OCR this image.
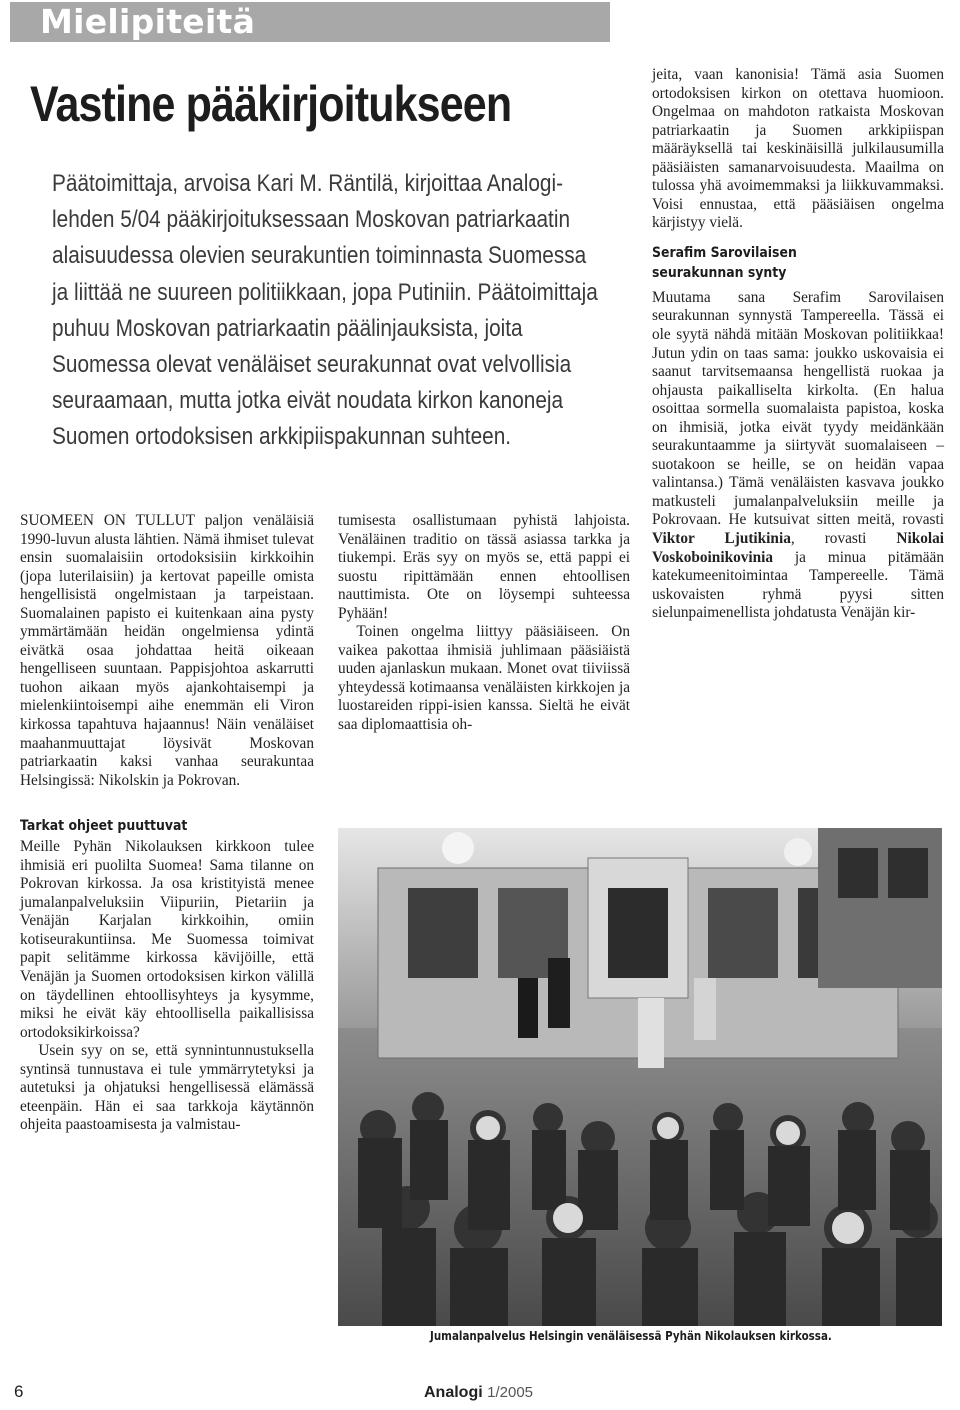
Mielipiteitä
Vastine pääkirjoitukseen

Päätoimittaja, arvoisa Kari M. Räntilä, kirjoittaa Analogi-lehden 5/04 pääkirjoituksessaan Moskovan patriarkaatin alaisuudessa olevien seurakuntien toiminnasta Suomessa ja liittää ne suureen politiikkaan, jopa Putiniin. Päätoimittaja puhuu Moskovan patriarkaatin päälinjauksista, joita Suomessa olevat venäläiset seurakunnat ovat velvollisia seuraamaan, mutta jotka eivät noudata kirkon kanoneja Suomen ortodoksisen arkkipiispakunnan suhteen.

SUOMEEN ON TULLUT paljon venäläisiä 1990-luvun alusta lähtien. Nämä ihmiset tulevat ensin suomalaisiin ortodoksisiin kirkkoihin (jopa luterilaisiin) ja kertovat papeille omista hengellisistä ongelmistaan ja tarpeistaan. Suomalainen papisto ei kuitenkaan aina pysty ymmärtämään heidän ongelmiensa ydintä eivätkä osaa johdattaa heitä oikeaan hengelliseen suuntaan. Pappisjohtoa askarrutti tuohon aikaan myös ajankohtaisempi ja mielenkiintoisempi aihe enemmän eli Viron kirkossa tapahtuva hajaannus! Näin venäläiset maahanmuuttajat löysivät Moskovan patriarkaatin kaksi vanhaa seurakuntaa Helsingissä: Nikolskin ja Pokrovan.

Tarkat ohjeet puuttuvat

Meille Pyhän Nikolauksen kirkkoon tulee ihmisiä eri puolilta Suomea! Sama tilanne on Pokrovan kirkossa. Ja osa kristityistä menee jumalanpalveluksiin Viipuriin, Pietariin ja Venäjän Karjalan kirkkoihin, omiin kotiseurakuntiinsa. Me Suomessa toimivat papit selitämme kirkossa kävijöille, että Venäjän ja Suomen ortodoksisen kirkon välillä on täydellinen ehtoollisyhteys ja kysymme, miksi he eivät käy ehtoollisella paikallisissa ortodoksikirkoissa?

Usein syy on se, että synnintunnustuksella syntinsä tunnustava ei tule ymmärrytetyksi ja autetuksi ja ohjatuksi hengellisessä elämässä eteenpäin. Hän ei saa tarkkoja käytännön ohjeita paastoamisesta ja valmistau-

tumisesta osallistumaan pyhistä lahjoista. Venäläinen traditio on tässä asiassa tarkka ja tiukempi. Eräs syy on myös se, että pappi ei suostu ripittämään ennen ehtoollisen nauttimista. Ote on löysempi suhteessa Pyhään!

Toinen ongelma liittyy pääsiäiseen. On vaikea pakottaa ihmisiä juhlimaan pääsiäistä uuden ajanlaskun mukaan. Monet ovat tiiviissä yhteydessä kotimaansa venäläisten kirkkojen ja luostareiden rippi-isien kanssa. Sieltä he eivät saa diplomaattisia oh-

jeita, vaan kanonisia! Tämä asia Suomen ortodoksisen kirkon on otettava huomioon. Ongelmaa on mahdoton ratkaista Moskovan patriarkaatin ja Suomen arkkipiispan määräyksellä tai keskinäisillä julkilausumilla pääsiäisten samanarvoisuudesta. Maailma on tulossa yhä avoimemmaksi ja liikkuvammaksi. Voisi ennustaa, että pääsiäisen ongelma kärjistyy vielä.

Serafim Sarovilaisen
seurakunnan synty

Muutama sana Serafim Sarovilaisen seurakunnan synnystä Tampereella. Tässä ei ole syytä nähdä mitään Moskovan politiikkaa! Jutun ydin on taas sama: joukko uskovaisia ei saanut tarvitsemaansa hengellistä ruokaa ja ohjausta paikalliselta kirkolta. (En halua osoittaa sormella suomalaista papistoa, koska on ihmisiä, jotka eivät tyydy meidänkään seurakuntaamme ja siirtyvät suomalaiseen – suotakoon se heille, se on heidän vapaa valintansa.) Tämä venäläisten kasvava joukko matkusteli jumalanpalveluksiin meille ja Pokrovaan. He kutsuivat sitten meitä, rovasti Viktor Ljutikinia, rovasti Nikolai Voskoboinikovinia ja minua pitämään katekumeenitoimintaa Tampereelle. Tämä uskovaisten ryhmä pyysi sitten sielunpaimenellista johdatusta Venäjän kir-

Jumalanpalvelus Helsingin venäläisessä Pyhän Nikolauksen kirkossa.
6	Analogi 1/2005
